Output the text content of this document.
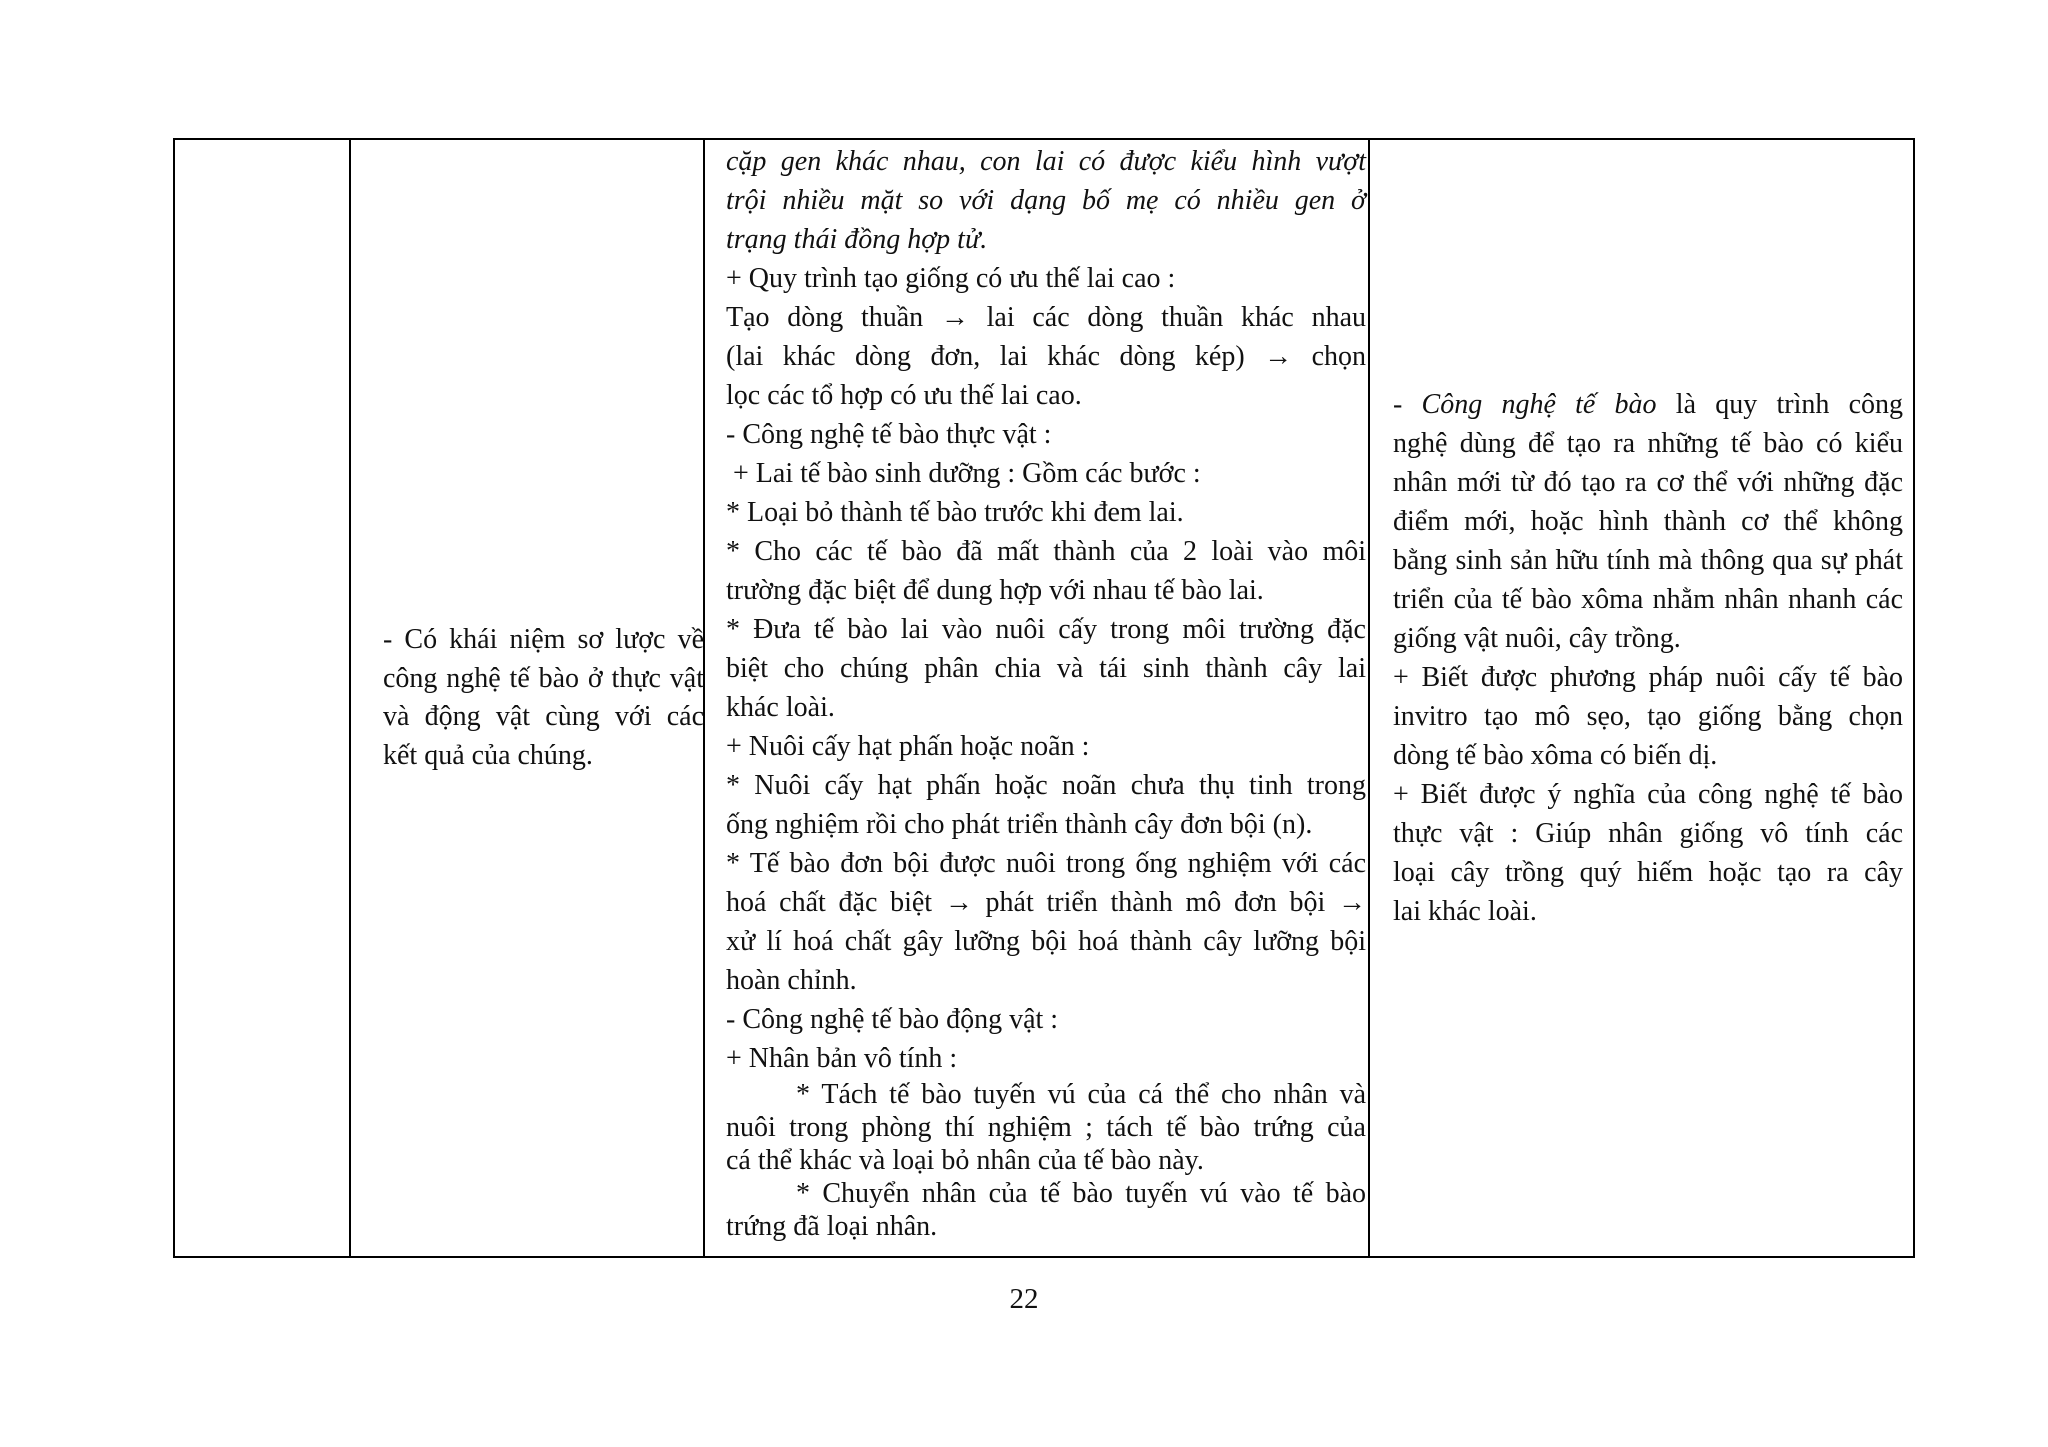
- Có khái niệm sơ lược về công nghệ tế bào ở thực vật và động vật cùng với các kết quả của chúng.

cặp gen khác nhau, con lai có được kiểu hình vượt
trội nhiều mặt so với dạng bố mẹ có nhiều gen ở
trạng thái đồng hợp tử.
+ Quy trình tạo giống có ưu thế lai cao :
Tạo dòng thuần → lai các dòng thuần khác nhau
(lai khác dòng đơn, lai khác dòng kép) → chọn
lọc các tổ hợp có ưu thế lai cao.
- Công nghệ tế bào thực vật :
+ Lai tế bào sinh dưỡng : Gồm các bước :
* Loại bỏ thành tế bào trước khi đem lai.
* Cho các tế bào đã mất thành của 2 loài vào môi
trường đặc biệt để dung hợp với nhau tế bào lai.
* Đưa tế bào lai vào nuôi cấy trong môi trường đặc
biệt cho chúng phân chia và tái sinh thành cây lai
khác loài.
+ Nuôi cấy hạt phấn hoặc noãn :
* Nuôi cấy hạt phấn hoặc noãn chưa thụ tinh trong
ống nghiệm rồi cho phát triển thành cây đơn bội (n).
* Tế bào đơn bội được nuôi trong ống nghiệm với các
hoá chất đặc biệt → phát triển thành mô đơn bội →
xử lí hoá chất gây lưỡng bội hoá thành cây lưỡng bội
hoàn chỉnh.
- Công nghệ tế bào động vật :
+ Nhân bản vô tính :
* Tách tế bào tuyến vú của cá thể cho nhân và
nuôi trong phòng thí nghiệm ; tách tế bào trứng của
cá thể khác và loại bỏ nhân của tế bào này.
* Chuyển nhân của tế bào tuyến vú vào tế bào
trứng đã loại nhân.
- Công nghệ tế bào là quy trình công
nghệ dùng để tạo ra những tế bào có kiểu
nhân mới từ đó tạo ra cơ thể với những đặc
điểm mới, hoặc hình thành cơ thể không
bằng sinh sản hữu tính mà thông qua sự phát
triển của tế bào xôma nhằm nhân nhanh các
giống vật nuôi, cây trồng.
+ Biết được phương pháp nuôi cấy tế bào
invitro tạo mô sẹo, tạo giống bằng chọn
dòng tế bào xôma có biến dị.
+ Biết được ý nghĩa của công nghệ tế bào
thực vật : Giúp nhân giống vô tính các
loại cây trồng quý hiếm hoặc tạo ra cây
lai khác loài.
22
